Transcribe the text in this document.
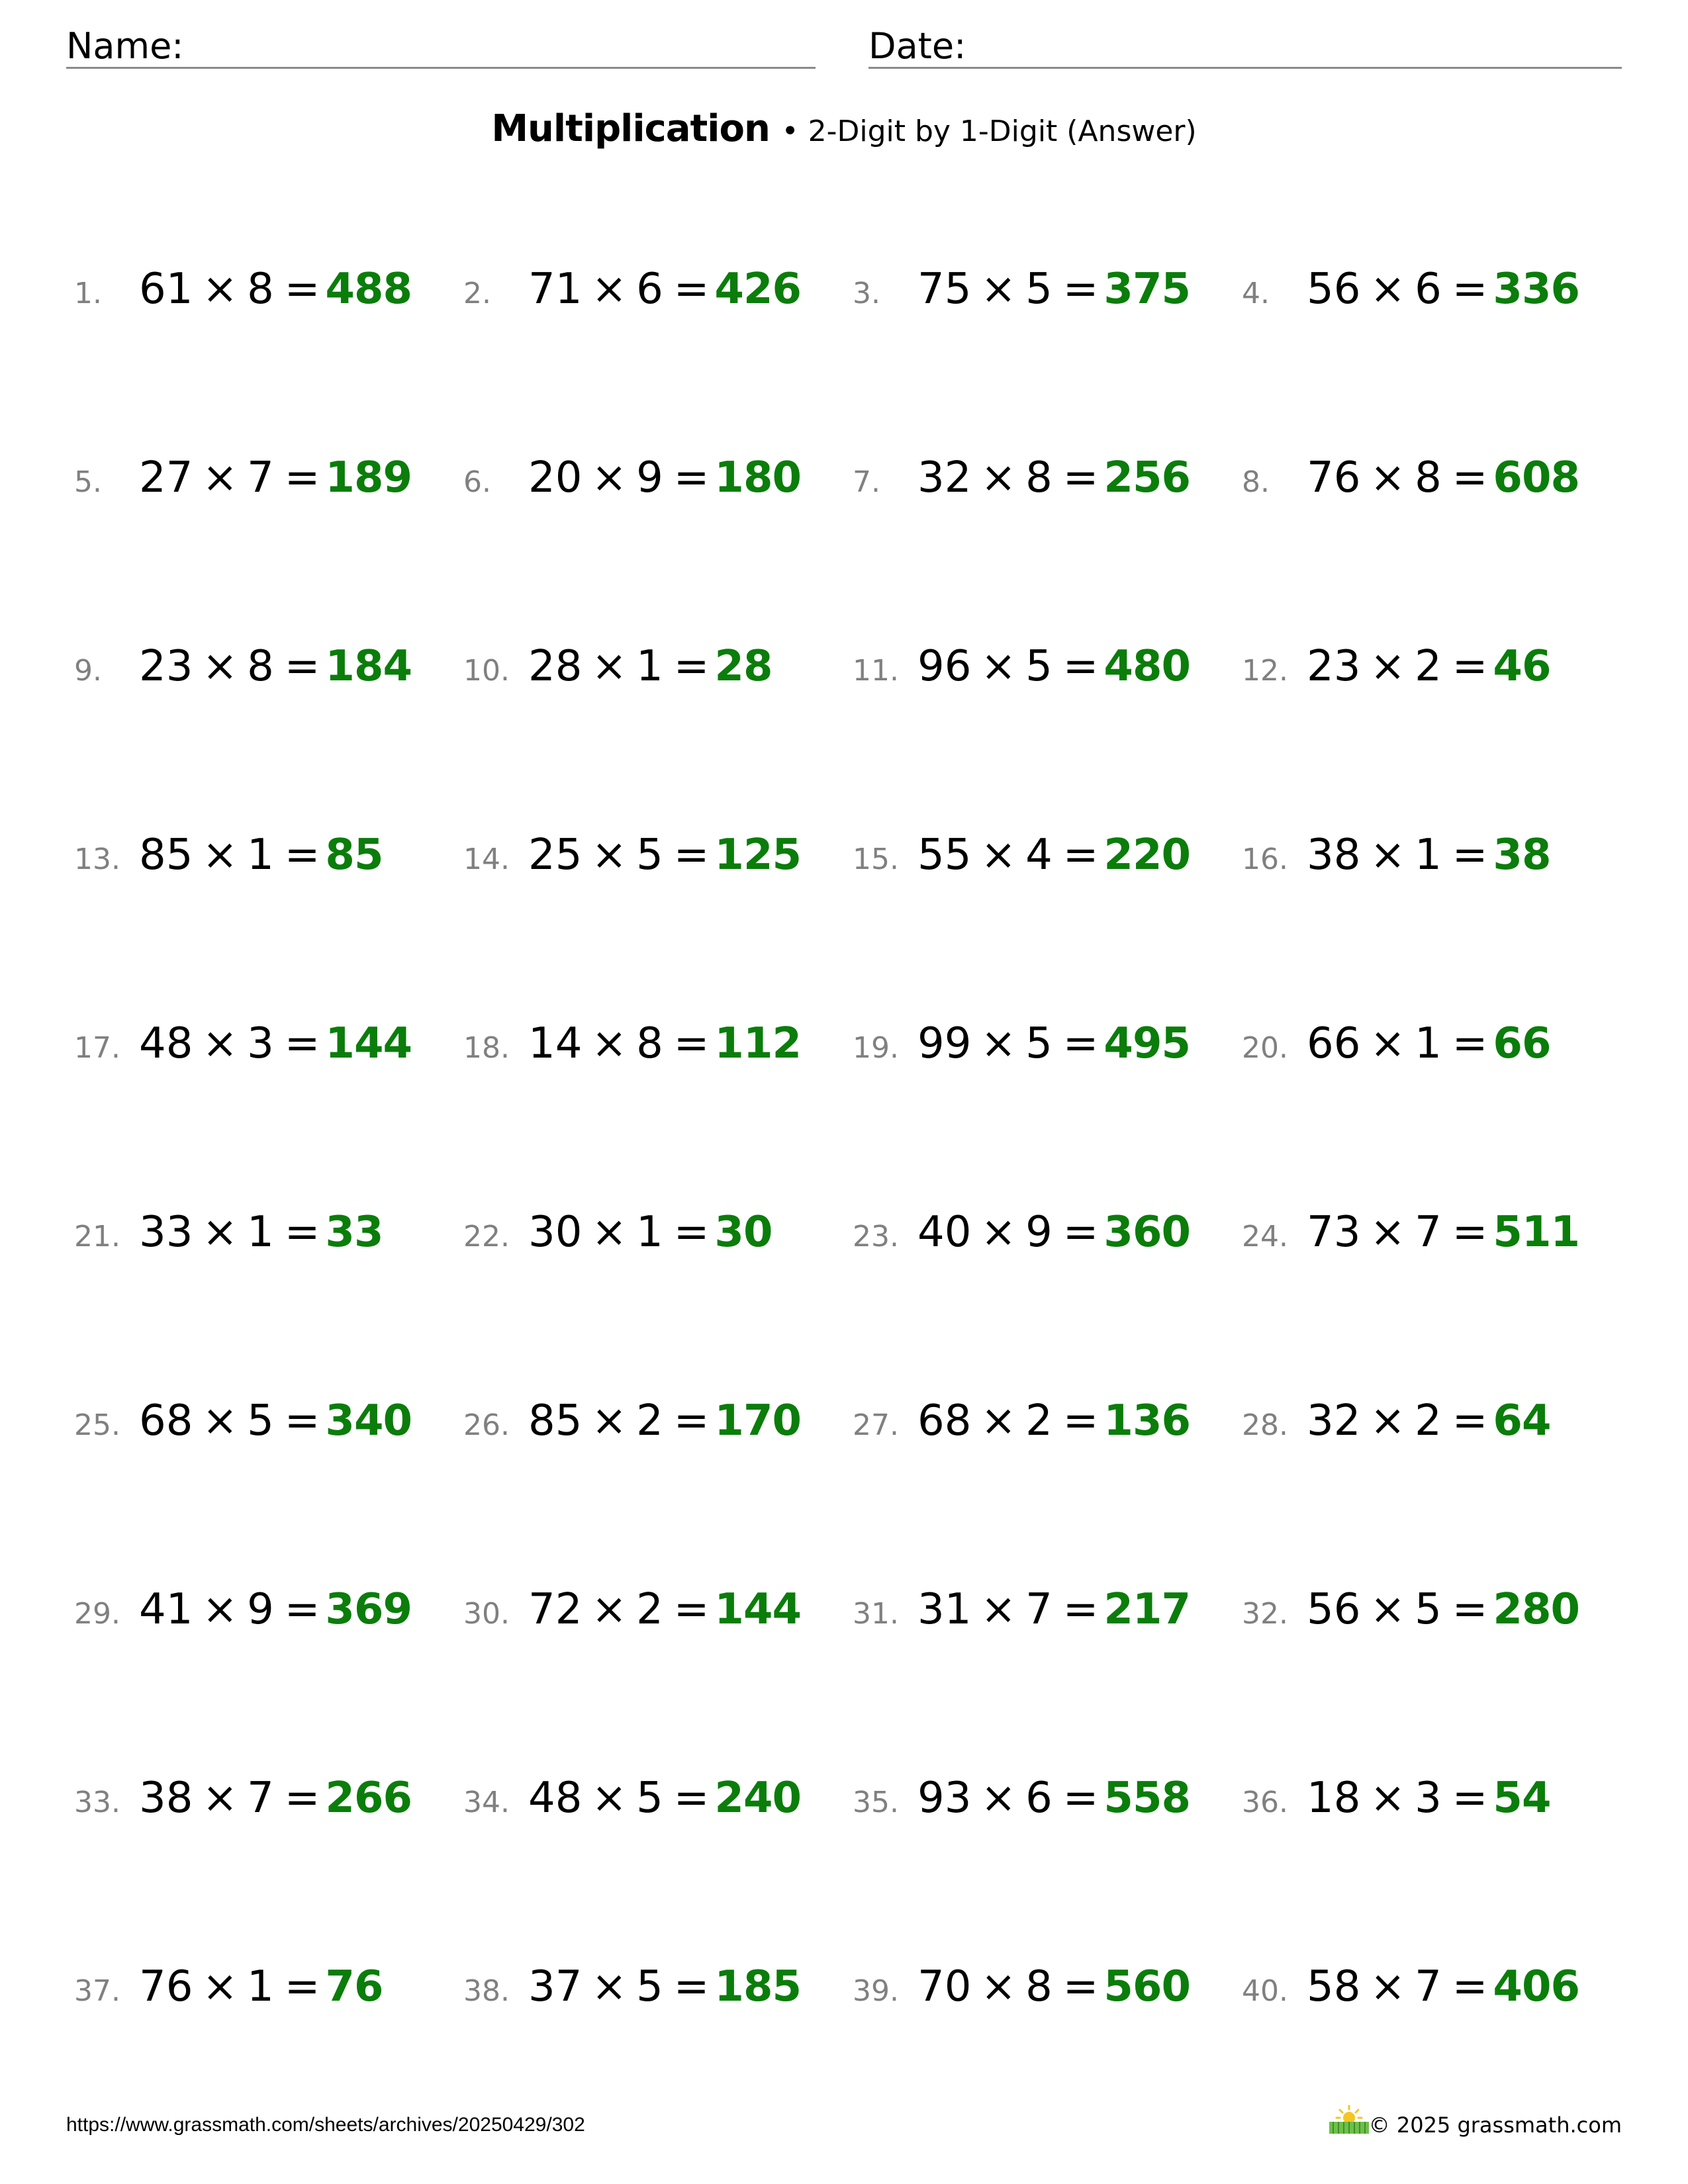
Name:	Date:
Multiplication • 2-Digit by 1-Digit (Answer)
1. 61 × 8 = 488 2. 71 × 6 = 426 3. 75 × 5 = 375 4. 56 × 6 = 336
5. 27 × 7 = 189 6. 20 × 9 = 180 7. 32 × 8 = 256 8. 76 × 8 = 608
9. 23 × 8 = 184 10. 28 × 1 = 28	11. 96 × 5 = 480 12. 23 × 2 = 46
13. 85 × 1 = 85	14. 25 × 5 = 125 15. 55 × 4 = 220 16. 38 × 1 = 38
17. 48 × 3 = 144 18. 14 × 8 = 112 19. 99 × 5 = 495 20. 66 × 1 = 66
21. 33 × 1 = 33	22. 30 × 1 = 30	23. 40 × 9 = 360 24. 73 × 7 = 511
25. 68 × 5 = 340 26. 85 × 2 = 170 27. 68 × 2 = 136 28. 32 × 2 = 64
29. 41 × 9 = 369 30. 72 × 2 = 144 31. 31 × 7 = 217 32. 56 × 5 = 280
33. 38 × 7 = 266 34. 48 × 5 = 240 35. 93 × 6 = 558 36. 18 × 3 = 54
37. 76 × 1 = 76	38. 37 × 5 = 185 39. 70 × 8 = 560 40. 58 × 7 = 406
https://www.grassmath.com/sheets/archives/20250429/302	© 2025 grassmath.com
